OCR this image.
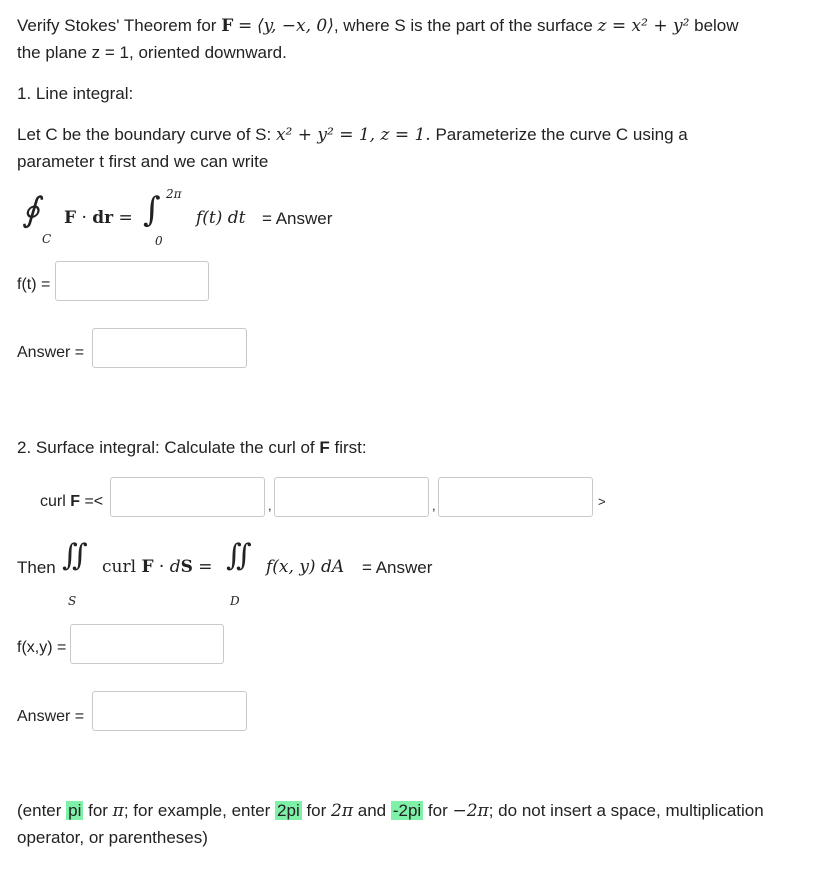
Verify Stokes' Theorem for F = ⟨y, −x, 0⟩, where S is the part of the surface z = x² + y² below
the plane z = 1, oriented downward.
1. Line integral:
Let C be the boundary curve of S: x² + y² = 1, z = 1. Parameterize the curve C using a
parameter t first and we can write
∮
C
F · dr = ∫ 2π
0
f(t) dt = Answer
f(t) =
Answer =
2. Surface integral: Calculate the curl of F first:
curl F =<	,	,	>
Then ∬
S
curl F · dS = ∬
D
f(x, y) dA = Answer
f(x,y) =
Answer =
(enter pi for π; for example, enter 2pi for 2π and -2pi for −2π; do not insert a space, multiplication
operator, or parentheses)
